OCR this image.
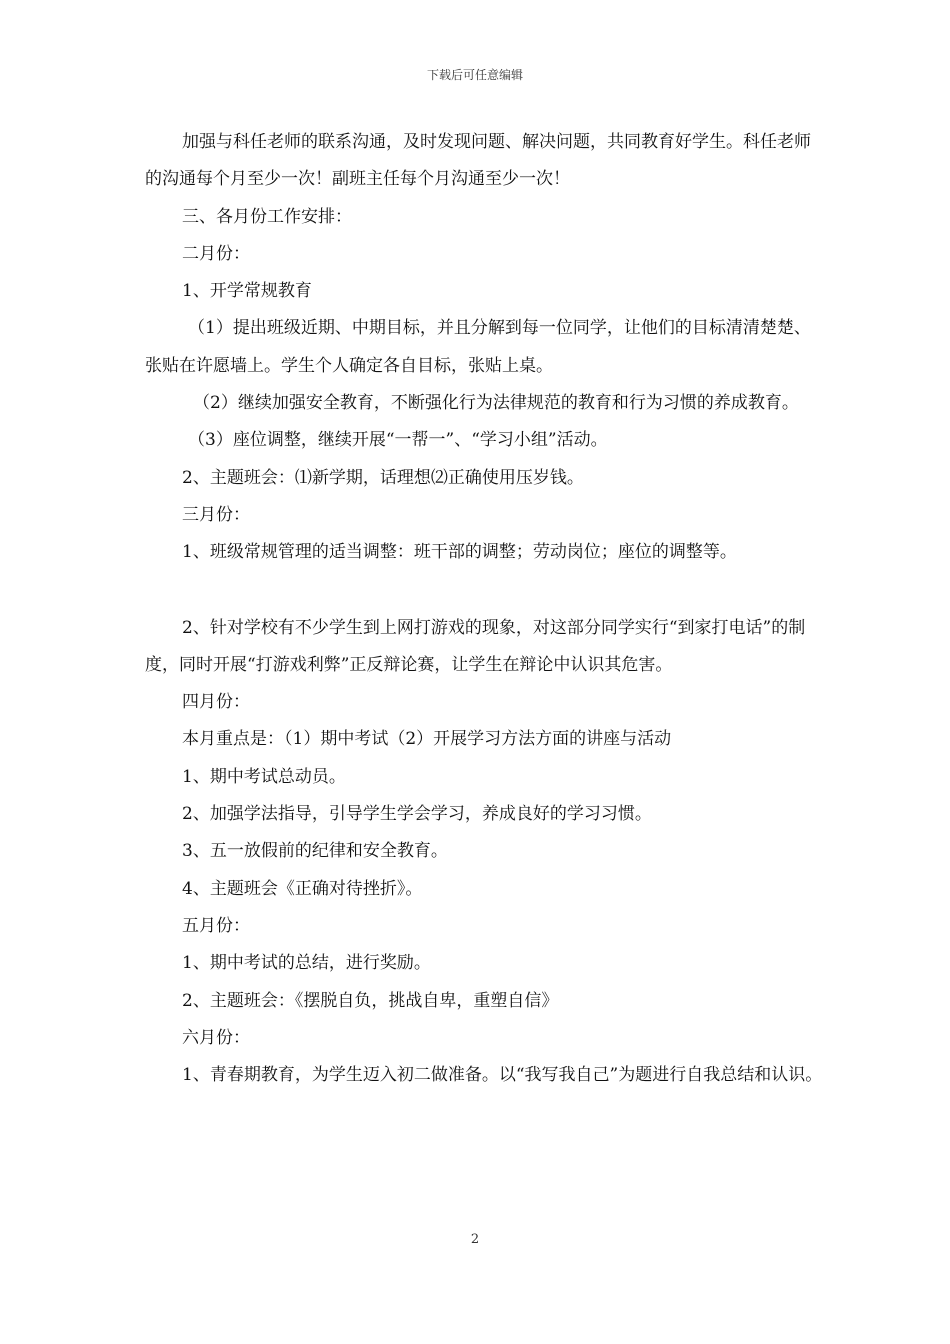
下载后可任意编辑

加强与科任老师的联系沟通，及时发现问题、解决问题，共同教育好学生。科任老师的沟通每个月至少一次！副班主任每个月沟通至少一次！

三、各月份工作安排：

二月份：

1、开学常规教育

（1）提出班级近期、中期目标，并且分解到每一位同学，让他们的目标清清楚楚、张贴在许愿墙上。学生个人确定各自目标，张贴上桌。

（2）继续加强安全教育，不断强化行为法律规范的教育和行为习惯的养成教育。

（3）座位调整，继续开展“一帮一”、“学习小组”活动。

2、主题班会：⑴新学期，话理想⑵正确使用压岁钱。

三月份：

1、班级常规管理的适当调整：班干部的调整；劳动岗位；座位的调整等。

2、针对学校有不少学生到上网打游戏的现象，对这部分同学实行“到家打电话”的制度，同时开展“打游戏利弊”正反辩论赛，让学生在辩论中认识其危害。

四月份：

本月重点是：（1）期中考试（2）开展学习方法方面的讲座与活动

1、期中考试总动员。

2、加强学法指导，引导学生学会学习，养成良好的学习习惯。

3、五一放假前的纪律和安全教育。

4、主题班会《正确对待挫折》。

五月份：

1、期中考试的总结，进行奖励。

2、主题班会：《摆脱自负，挑战自卑，重塑自信》

六月份：

1、青春期教育，为学生迈入初二做准备。以“我写我自己”为题进行自我总结和认识。

2
